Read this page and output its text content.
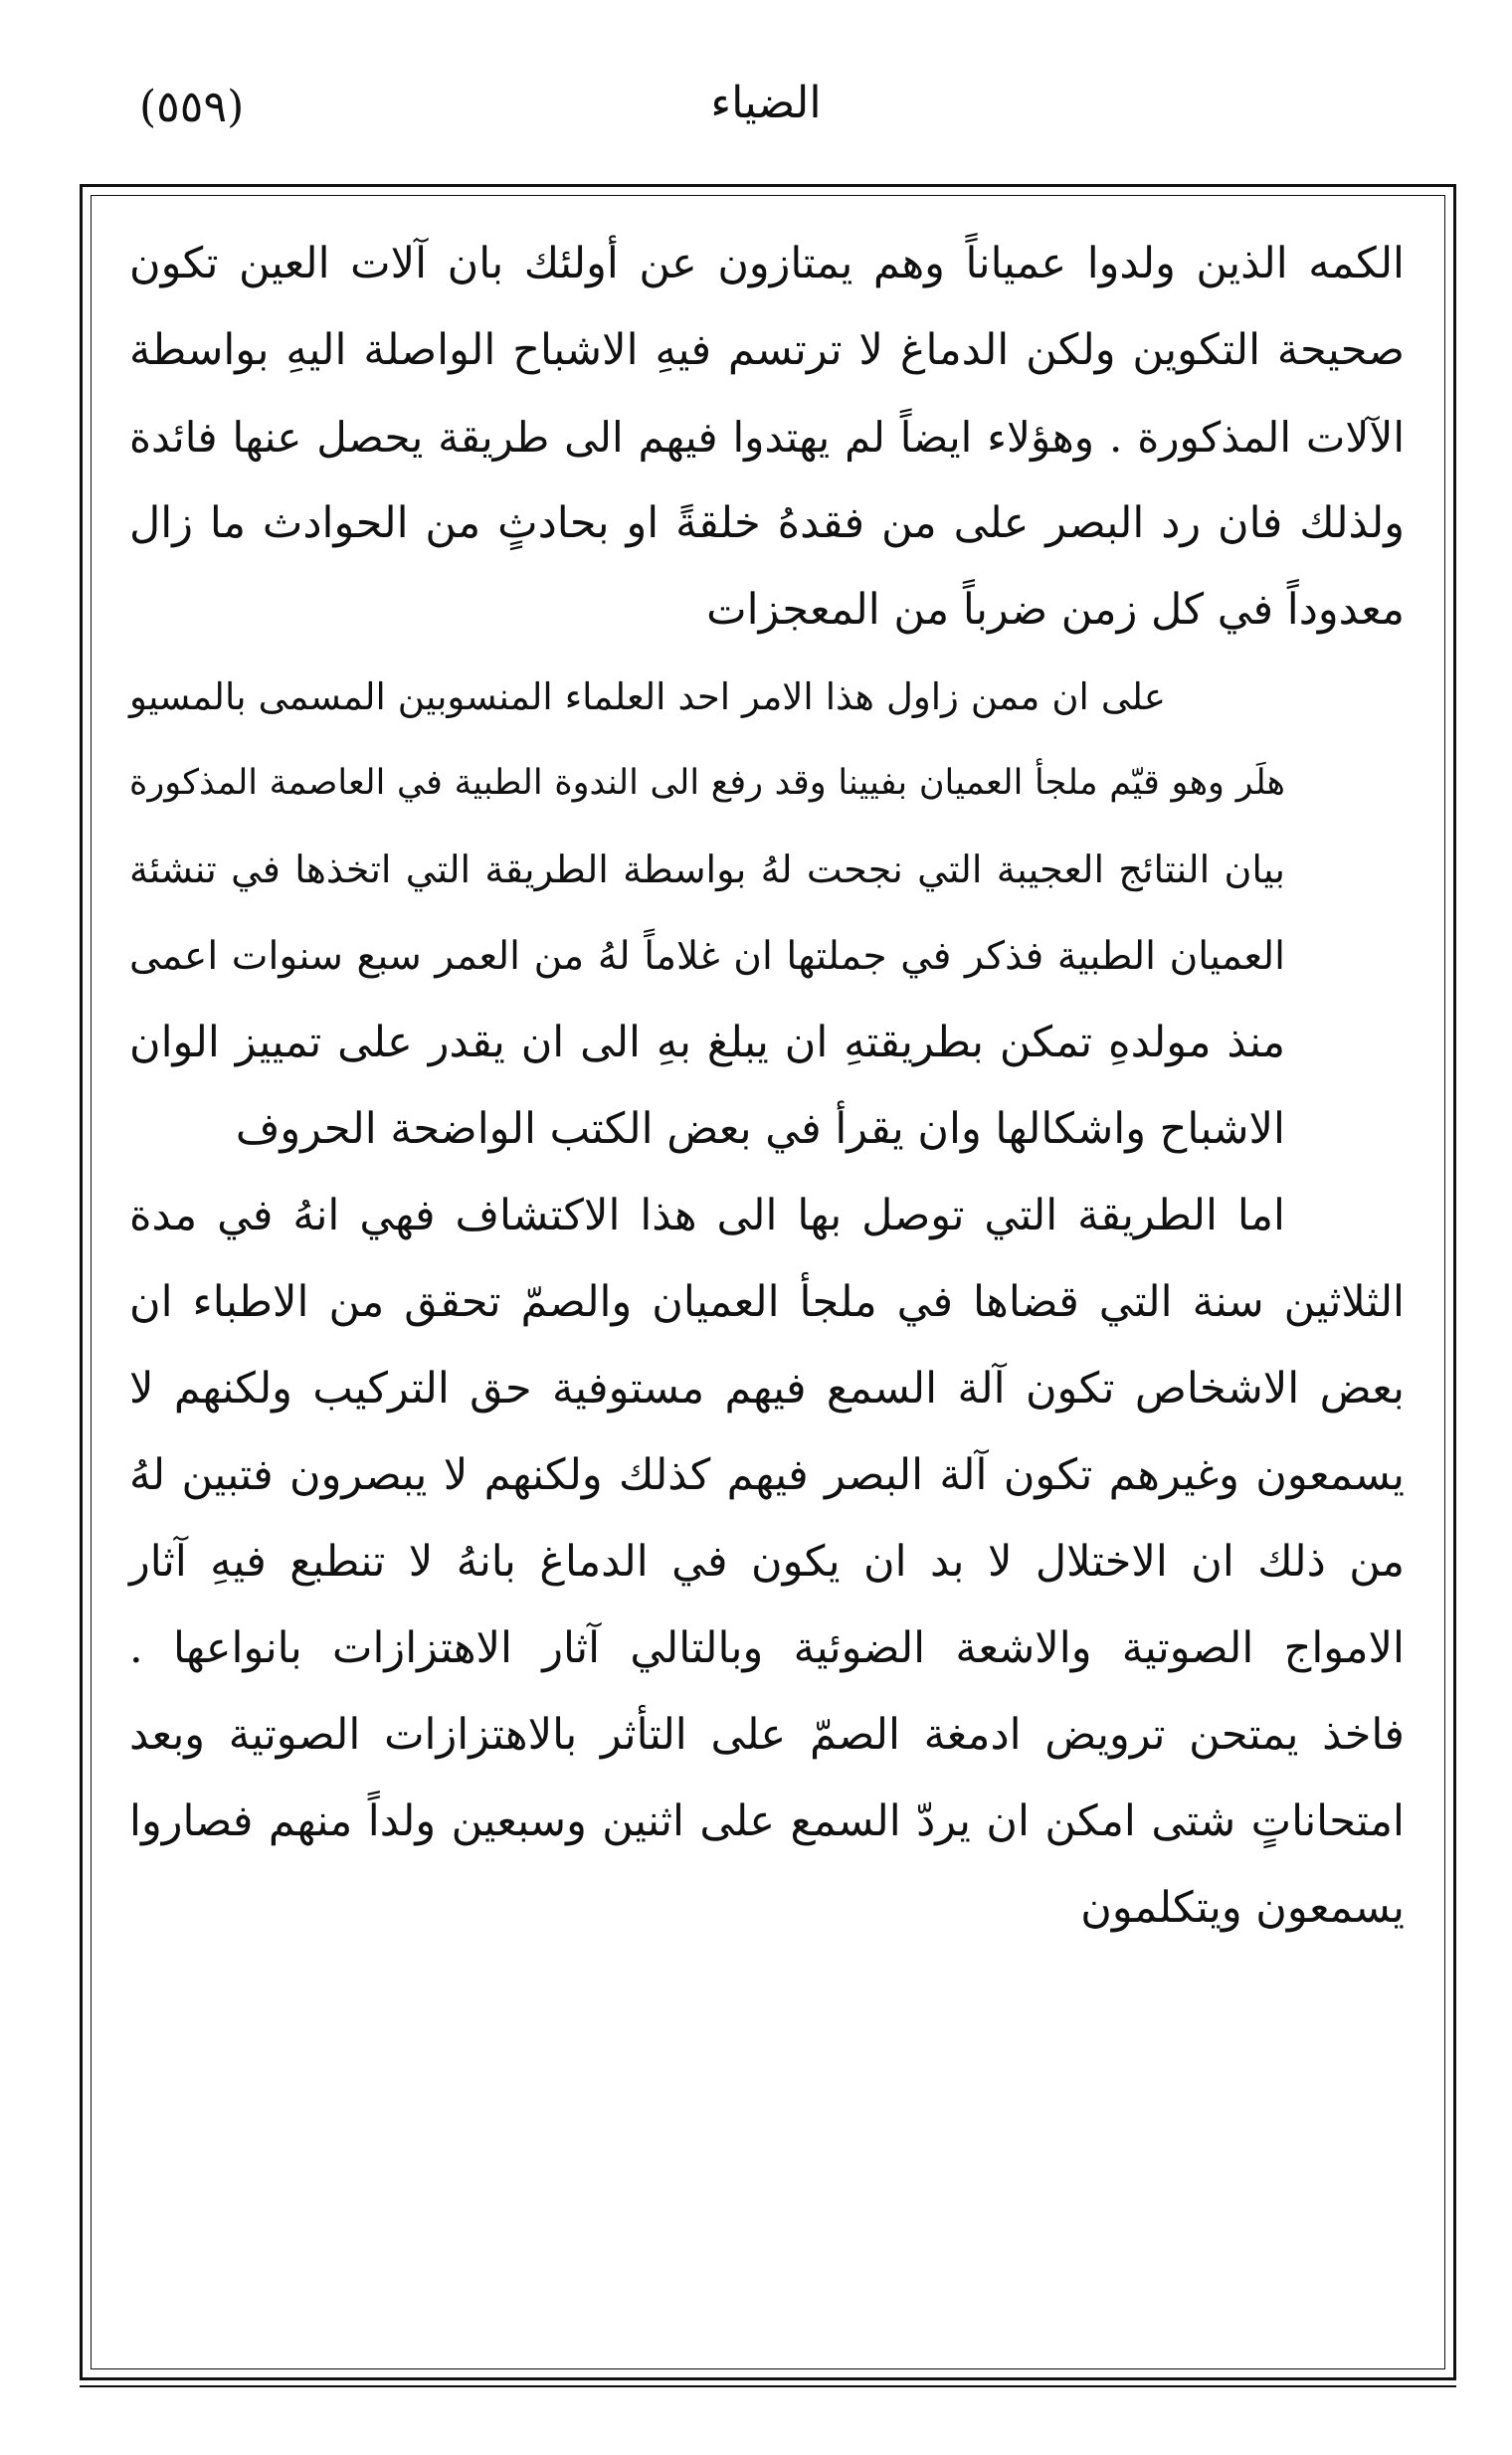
الضياء
(٥٥٩)

الكمه الذين ولدوا عمياناً وهم يمتازون عن أولئك بان آلات العين تكون
صحيحة التكوين ولكن الدماغ لا ترتسم فيهِ الاشباح الواصلة اليهِ بواسطة
الآلات المذكورة . وهؤلاء ايضاً لم يهتدوا فيهم الى طريقة يحصل عنها فائدة
ولذلك فان رد البصر على من فقدهُ خلقةً او بحادثٍ من الحوادث ما زال
معدوداً في كل زمن ضرباً من المعجزات

على ان ممن زاول هذا الامر احد العلماء المنسوبين المسمى بالمسيو
هلَر وهو قيّم ملجأ العميان بفيينا وقد رفع الى الندوة الطبية في العاصمة المذكورة
بيان النتائج العجيبة التي نجحت لهُ بواسطة الطريقة التي اتخذها في تنشئة
العميان الطبية فذكر في جملتها ان غلاماً لهُ من العمر سبع سنوات اعمى
منذ مولدهِ تمكن بطريقتهِ ان يبلغ بهِ الى ان يقدر على تمييز الوان
الاشباح واشكالها وان يقرأ في بعض الكتب الواضحة الحروف

اما الطريقة التي توصل بها الى هذا الاكتشاف فهي انهُ في مدة
الثلاثين سنة التي قضاها في ملجأ العميان والصمّ تحقق من الاطباء ان
بعض الاشخاص تكون آلة السمع فيهم مستوفية حق التركيب ولكنهم لا
يسمعون وغيرهم تكون آلة البصر فيهم كذلك ولكنهم لا يبصرون فتبين لهُ
من ذلك ان الاختلال لا بد ان يكون في الدماغ بانهُ لا تنطبع فيهِ آثار
الامواج الصوتية والاشعة الضوئية وبالتالي آثار الاهتزازات بانواعها .
فاخذ يمتحن ترويض ادمغة الصمّ على التأثر بالاهتزازات الصوتية وبعد
امتحاناتٍ شتى امكن ان يردّ السمع على اثنين وسبعين ولداً منهم فصاروا
يسمعون ويتكلمون
